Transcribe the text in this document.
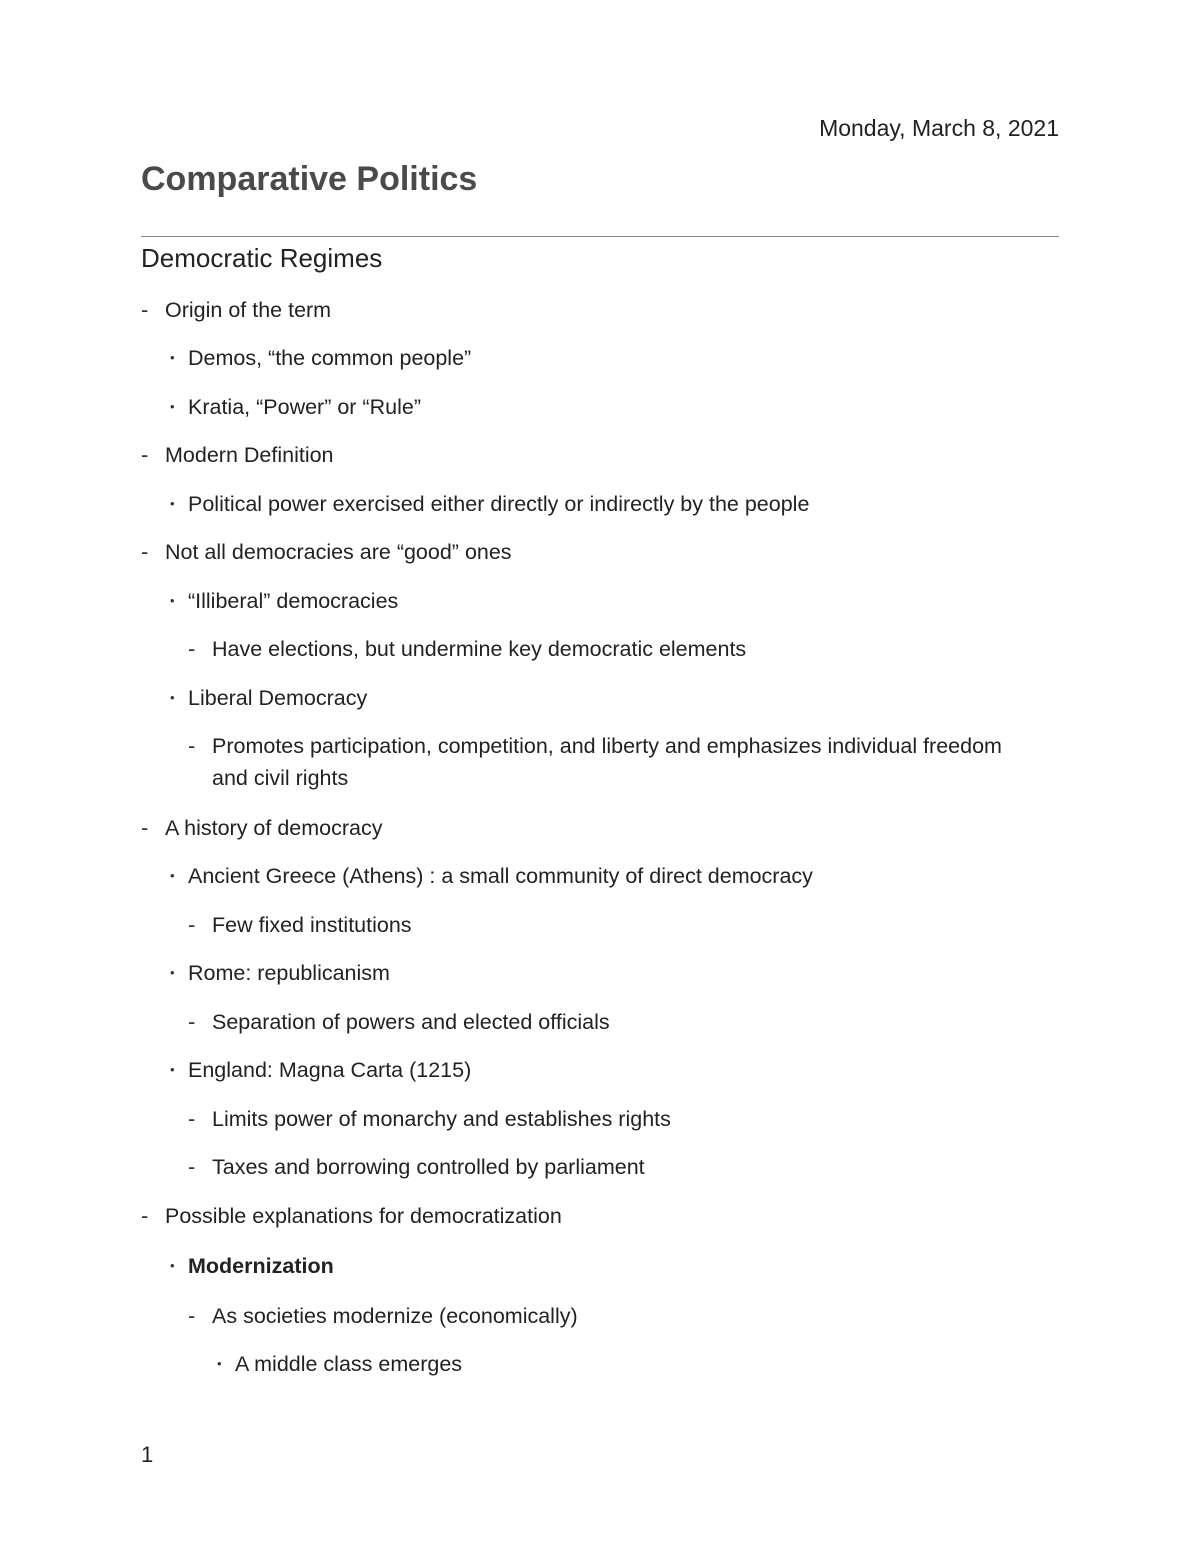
Monday, March 8, 2021
Comparative Politics
Democratic Regimes
- Origin of the term
• Demos, “the common people”
• Kratia, “Power” or “Rule”
- Modern Definition
• Political power exercised either directly or indirectly by the people
- Not all democracies are “good” ones
• “Illiberal” democracies
- Have elections, but undermine key democratic elements
• Liberal Democracy
- Promotes participation, competition, and liberty and emphasizes individual freedom and civil rights
- A history of democracy
• Ancient Greece (Athens) : a small community of direct democracy
- Few fixed institutions
• Rome: republicanism
- Separation of powers and elected officials
• England: Magna Carta (1215)
- Limits power of monarchy and establishes rights
- Taxes and borrowing controlled by parliament
- Possible explanations for democratization
• Modernization
- As societies modernize (economically)
• A middle class emerges
1
